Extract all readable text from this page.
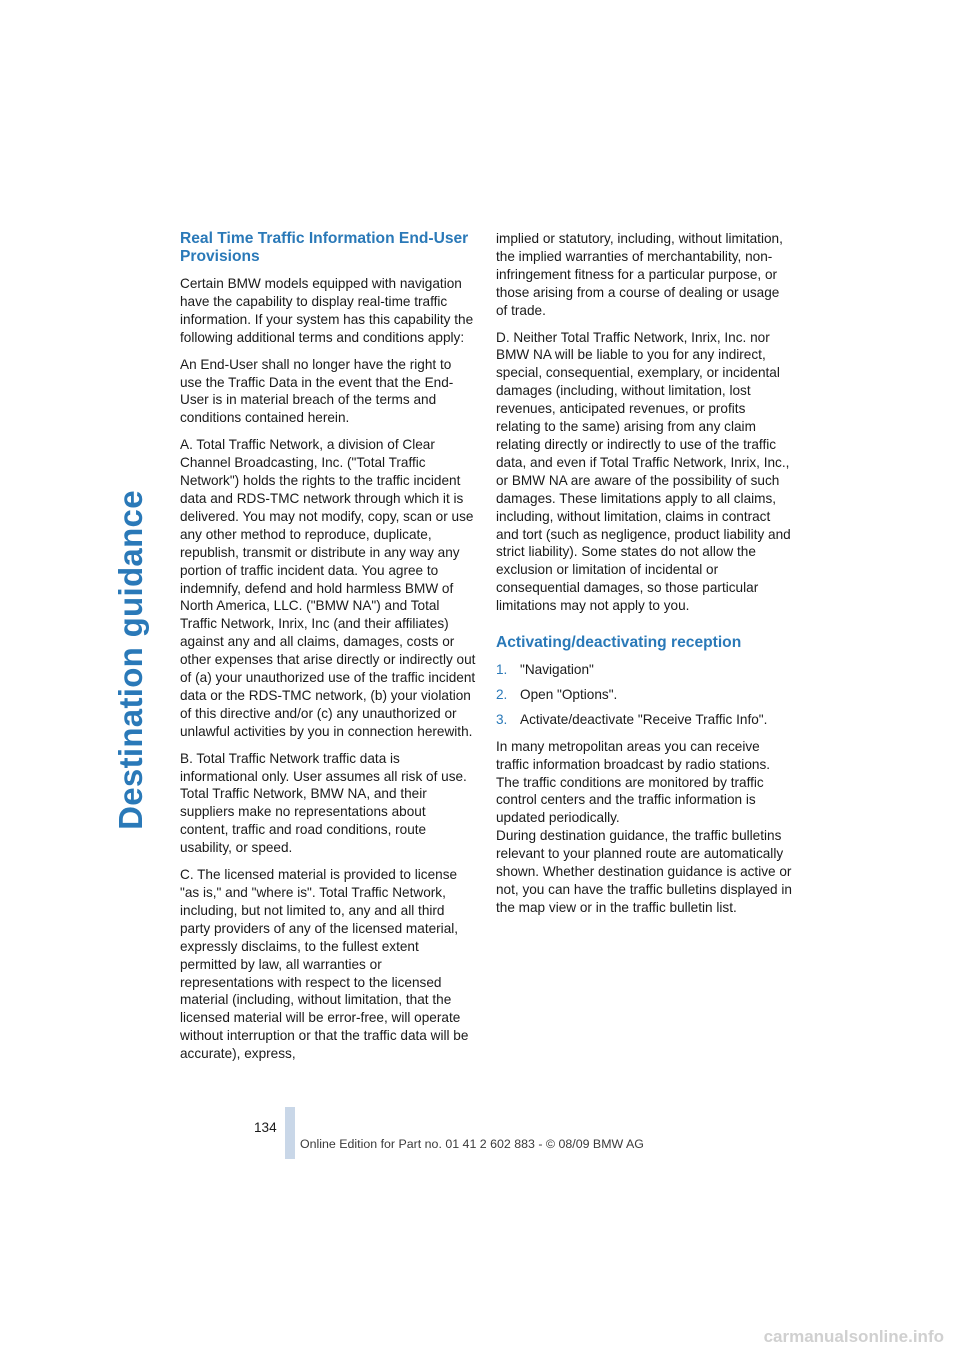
Destination guidance
Real Time Traffic Information End-User Provisions

Certain BMW models equipped with navigation have the capability to display real-time traffic information. If your system has this capability the following additional terms and conditions apply:

An End-User shall no longer have the right to use the Traffic Data in the event that the End-User is in material breach of the terms and conditions contained herein.

A. Total Traffic Network, a division of Clear Channel Broadcasting, Inc. ("Total Traffic Network") holds the rights to the traffic incident data and RDS-TMC network through which it is delivered. You may not modify, copy, scan or use any other method to reproduce, duplicate, republish, transmit or distribute in any way any portion of traffic incident data. You agree to indemnify, defend and hold harmless BMW of North America, LLC. ("BMW NA") and Total Traffic Network, Inrix, Inc (and their affiliates) against any and all claims, damages, costs or other expenses that arise directly or indirectly out of (a) your unauthorized use of the traffic incident data or the RDS-TMC network, (b) your violation of this directive and/or (c) any unauthorized or unlawful activities by you in connection herewith.

B. Total Traffic Network traffic data is informational only. User assumes all risk of use. Total Traffic Network, BMW NA, and their suppliers make no representations about content, traffic and road conditions, route usability, or speed.

C. The licensed material is provided to license "as is," and "where is". Total Traffic Network, including, but not limited to, any and all third party providers of any of the licensed material, expressly disclaims, to the fullest extent permitted by law, all warranties or representations with respect to the licensed material (including, without limitation, that the licensed material will be error-free, will operate without interruption or that the traffic data will be accurate), express,

implied or statutory, including, without limitation, the implied warranties of merchantability, non-infringement fitness for a particular purpose, or those arising from a course of dealing or usage of trade.

D. Neither Total Traffic Network, Inrix, Inc. nor BMW NA will be liable to you for any indirect, special, consequential, exemplary, or incidental damages (including, without limitation, lost revenues, anticipated revenues, or profits relating to the same) arising from any claim relating directly or indirectly to use of the traffic data, and even if Total Traffic Network, Inrix, Inc., or BMW NA are aware of the possibility of such damages. These limitations apply to all claims, including, without limitation, claims in contract and tort (such as negligence, product liability and strict liability). Some states do not allow the exclusion or limitation of incidental or consequential damages, so those particular limitations may not apply to you.

Activating/deactivating reception
1. "Navigation"
2. Open "Options".
3. Activate/deactivate "Receive Traffic Info".

In many metropolitan areas you can receive traffic information broadcast by radio stations. The traffic conditions are monitored by traffic control centers and the traffic information is updated periodically.

During destination guidance, the traffic bulletins relevant to your planned route are automatically shown. Whether destination guidance is active or not, you can have the traffic bulletins displayed in the map view or in the traffic bulletin list.

134
Online Edition for Part no. 01 41 2 602 883 - © 08/09 BMW AG
carmanualsonline.info
